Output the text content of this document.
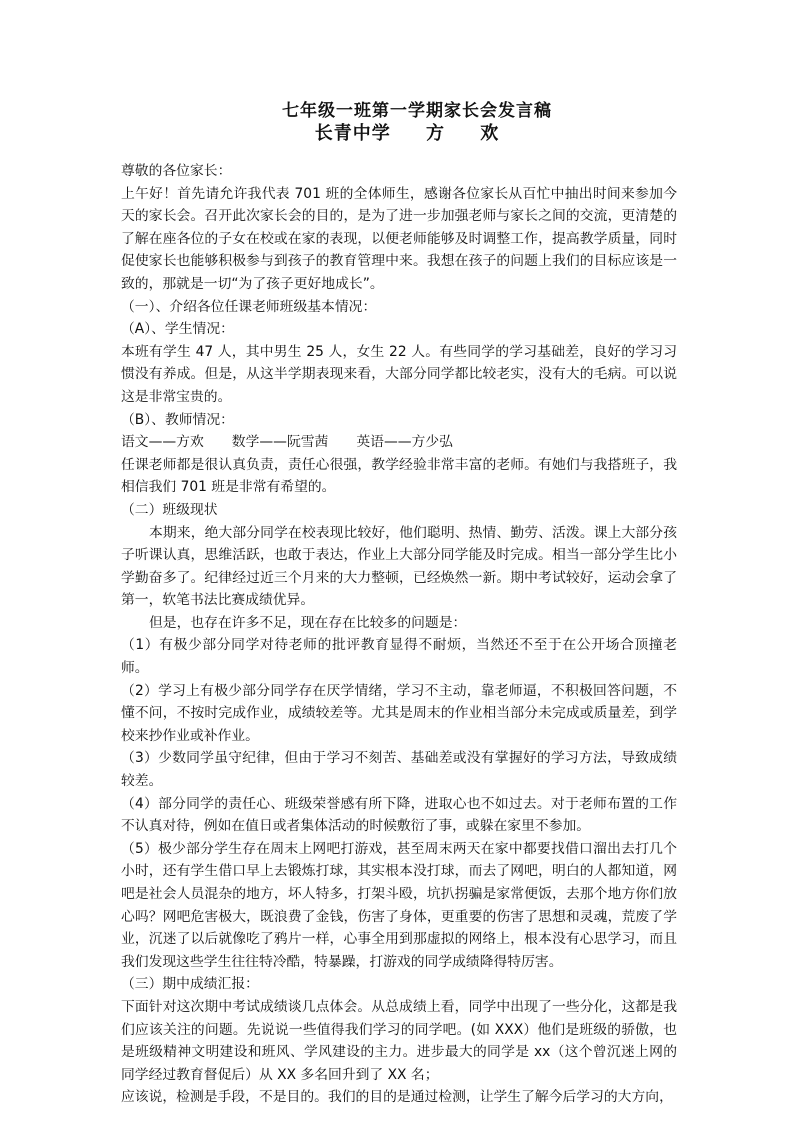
七年级一班第一学期家长会发言稿
长青中学 方 欢

尊敬的各位家长：

上午好！首先请允许我代表 701 班的全体师生，感谢各位家长从百忙中抽出时间来参加今天的家长会。召开此次家长会的目的，是为了进一步加强老师与家长之间的交流，更清楚的了解在座各位的子女在校或在家的表现，以便老师能够及时调整工作，提高教学质量，同时促使家长也能够积极参与到孩子的教育管理中来。我想在孩子的问题上我们的目标应该是一致的，那就是一切“为了孩子更好地成长”。

（一）、介绍各位任课老师班级基本情况：

（A）、学生情况：

本班有学生 47 人，其中男生 25 人，女生 22 人。有些同学的学习基础差，良好的学习习惯没有养成。但是，从这半学期表现来看，大部分同学都比较老实，没有大的毛病。可以说这是非常宝贵的。

（B）、教师情况：

语文——方欢 数学——阮雪茜 英语——方少弘

任课老师都是很认真负责，责任心很强，教学经验非常丰富的老师。有她们与我搭班子，我相信我们 701 班是非常有希望的。

（二）班级现状

本期来，绝大部分同学在校表现比较好，他们聪明、热情、勤劳、活泼。课上大部分孩子听课认真，思维活跃，也敢于表达，作业上大部分同学能及时完成。相当一部分学生比小学勤奋多了。纪律经过近三个月来的大力整顿，已经焕然一新。期中考试较好，运动会拿了第一，软笔书法比赛成绩优异。

但是，也存在许多不足，现在存在比较多的问题是：

（1）有极少部分同学对待老师的批评教育显得不耐烦，当然还不至于在公开场合顶撞老师。

（2）学习上有极少部分同学存在厌学情绪，学习不主动，靠老师逼，不积极回答问题，不懂不问，不按时完成作业，成绩较差等。尤其是周末的作业相当部分未完成或质量差，到学校来抄作业或补作业。

（3）少数同学虽守纪律，但由于学习不刻苦、基础差或没有掌握好的学习方法，导致成绩较差。

（4）部分同学的责任心、班级荣誉感有所下降，进取心也不如过去。对于老师布置的工作不认真对待，例如在值日或者集体活动的时候敷衍了事，或躲在家里不参加。

（5）极少部分学生存在周末上网吧打游戏，甚至周末两天在家中都要找借口溜出去打几个小时，还有学生借口早上去锻炼打球，其实根本没打球，而去了网吧，明白的人都知道，网吧是社会人员混杂的地方，坏人特多，打架斗殴，坑扒拐骗是家常便饭，去那个地方你们放心吗？网吧危害极大，既浪费了金钱，伤害了身体，更重要的伤害了思想和灵魂，荒废了学业，沉迷了以后就像吃了鸦片一样，心事全用到那虚拟的网络上，根本没有心思学习，而且我们发现这些学生往往特冷酷，特暴躁，打游戏的同学成绩降得特厉害。

（三）期中成绩汇报：

下面针对这次期中考试成绩谈几点体会。从总成绩上看，同学中出现了一些分化，这都是我们应该关注的问题。先说说一些值得我们学习的同学吧。(如 XXX）他们是班级的骄傲，也是班级精神文明建设和班风、学风建设的主力。进步最大的同学是 xx（这个曾沉迷上网的同学经过教育督促后）从 XX 多名回升到了 XX 名；

应该说，检测是手段，不是目的。我们的目的是通过检测，让学生了解今后学习的大方向，
